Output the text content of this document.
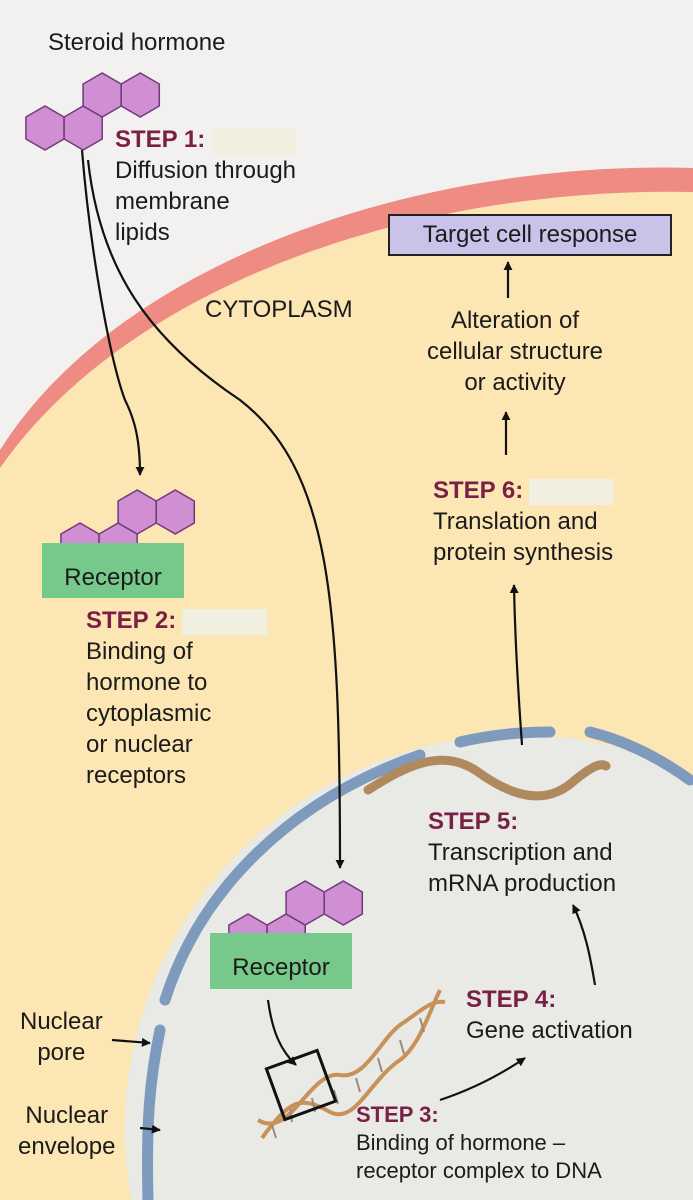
Receptor
Receptor
Target cell response
Steroid hormone
CYTOPLASM	Alteration of
cellular structure
or activity
Nuclear
pore
Nuclear
envelope
STEP 1:
Diffusion through
membrane
lipids
STEP 2:
Binding of
hormone to
cytoplasmic
or nuclear
receptors
STEP 3:
Binding of hormone –
receptor complex to DNA
STEP 4:
Gene activation
STEP 5:
Transcription and
mRNA production
STEP 6:
Translation and
protein synthesis
